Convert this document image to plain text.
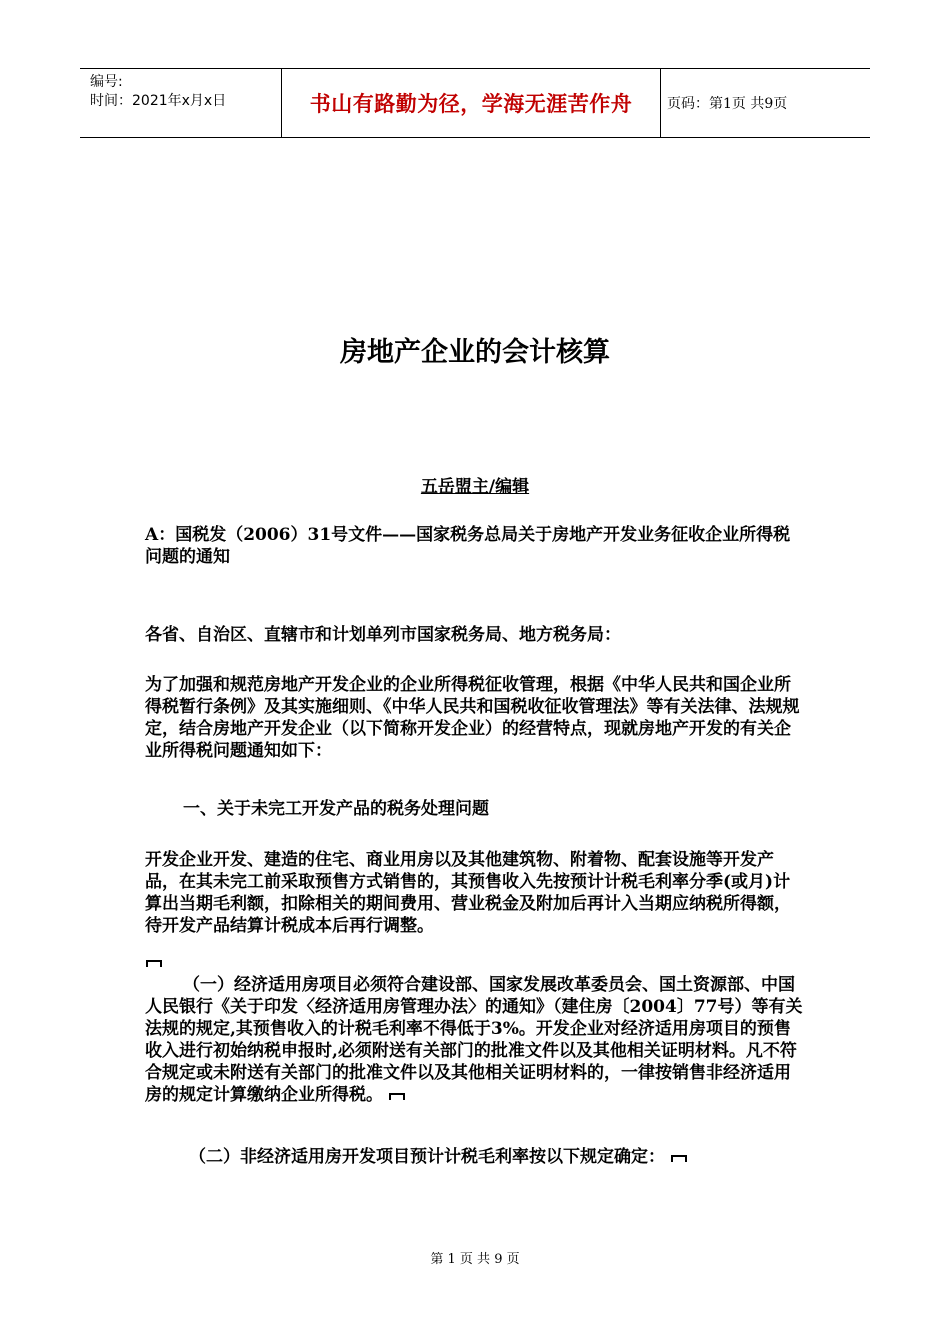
编号:
时间：2021年x月x日	书山有路勤为径，学海无涯苦作舟	页码：第1页 共9页
房地产企业的会计核算
五岳盟主/编辑
A：国税发（2006）31号文件——国家税务总局关于房地产开发业务征收企业所得税问题的通知
各省、自治区、直辖市和计划单列市国家税务局、地方税务局：
为了加强和规范房地产开发企业的企业所得税征收管理，根据《中华人民共和国企业所得税暂行条例》及其实施细则、《中华人民共和国税收征收管理法》等有关法律、法规规定，结合房地产开发企业（以下简称开发企业）的经营特点，现就房地产开发的有关企业所得税问题通知如下：
一、关于未完工开发产品的税务处理问题
开发企业开发、建造的住宅、商业用房以及其他建筑物、附着物、配套设施等开发产品，在其未完工前采取预售方式销售的，其预售收入先按预计计税毛利率分季(或月)计算出当期毛利额，扣除相关的期间费用、营业税金及附加后再计入当期应纳税所得额，待开发产品结算计税成本后再行调整。
（一）经济适用房项目必须符合建设部、国家发展改革委员会、国土资源部、中国人民银行《关于印发〈经济适用房管理办法〉的通知》（建住房〔2004〕77号）等有关法规的规定,其预售收入的计税毛利率不得低于3%。开发企业对经济适用房项目的预售收入进行初始纳税申报时,必须附送有关部门的批准文件以及其他相关证明材料。凡不符合规定或未附送有关部门的批准文件以及其他相关证明材料的，一律按销售非经济适用房的规定计算缴纳企业所得税。
（二）非经济适用房开发项目预计计税毛利率按以下规定确定：
第 1 页 共 9 页
